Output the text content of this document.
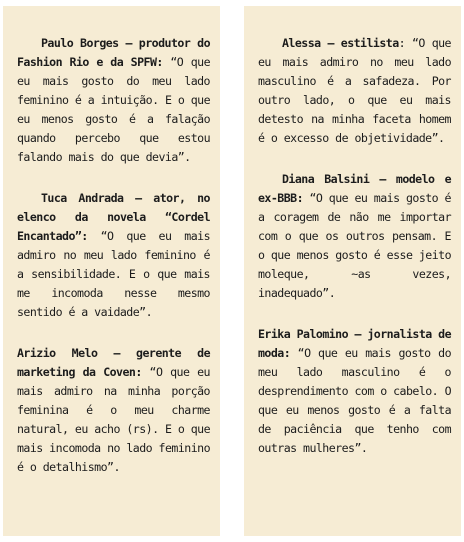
Paulo Borges – produtor do Fashion Rio e da SPFW: “O que eu mais gosto do meu lado feminino é a intuição. E o que eu menos gosto é a falação quando percebo que estou falando mais do que devia”.

Tuca Andrada – ator, no elenco da novela “Cordel Encantado”: “O que eu mais admiro no meu lado feminino é a sensibilidade. E o que mais me incomoda nesse mesmo sentido é a vaidade”.

Arizio Melo – gerente de marketing da Coven: “O que eu mais admiro na minha porção feminina é o meu charme natural, eu acho (rs). E o que mais incomoda no lado feminino é o detalhismo”.

Alessa – estilista: “O que eu mais admiro no meu lado masculino é a safadeza. Por outro lado, o que eu mais detesto na minha faceta homem é o excesso de objetividade”.

Diana Balsini – modelo e ex-BBB: “O que eu mais gosto é a coragem de não me importar com o que os outros pensam. E o que menos gosto é esse jeito moleque, ~as vezes, inadequado”.

Erika Palomino – jornalista de moda: “O que eu mais gosto do meu lado masculino é o desprendimento com o cabelo. O que eu menos gosto é a falta de paciência que tenho com outras mulheres”.
